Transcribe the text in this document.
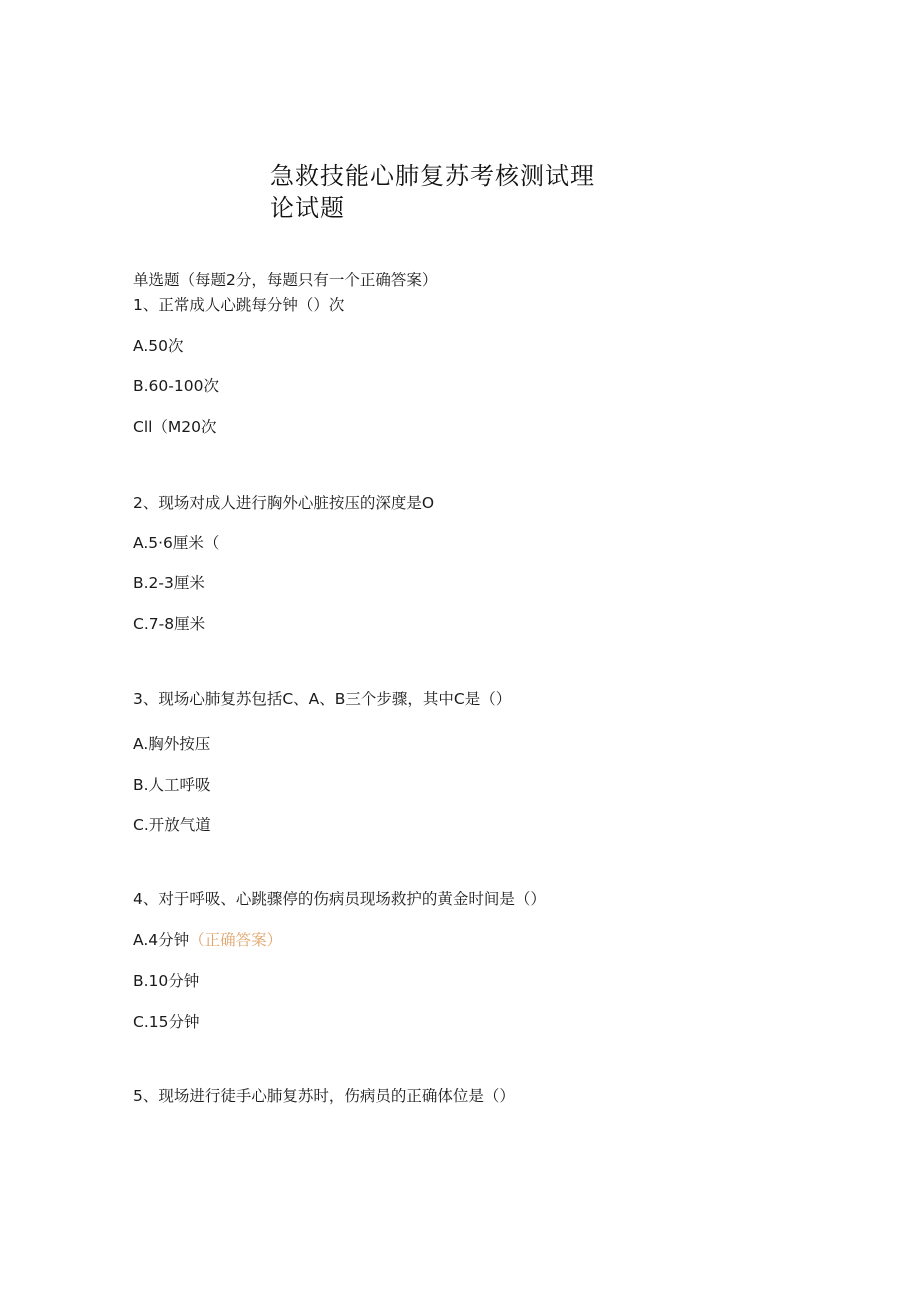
急救技能心肺复苏考核测试理论试题
单选题（每题2分，每题只有一个正确答案）
1、正常成人心跳每分钟（）次
A.50次
B.60-100次
Cll（M20次
2、现场对成人进行胸外心脏按压的深度是O
A.5·6厘米（
B.2-3厘米
C.7-8厘米
3、现场心肺复苏包括C、A、B三个步骤，其中C是（）
A.胸外按压
B.人工呼吸
C.开放气道
4、对于呼吸、心跳骤停的伤病员现场救护的黄金时间是（）
A.4分钟（正确答案）
B.10分钟
C.15分钟
5、现场进行徒手心肺复苏时，伤病员的正确体位是（）
